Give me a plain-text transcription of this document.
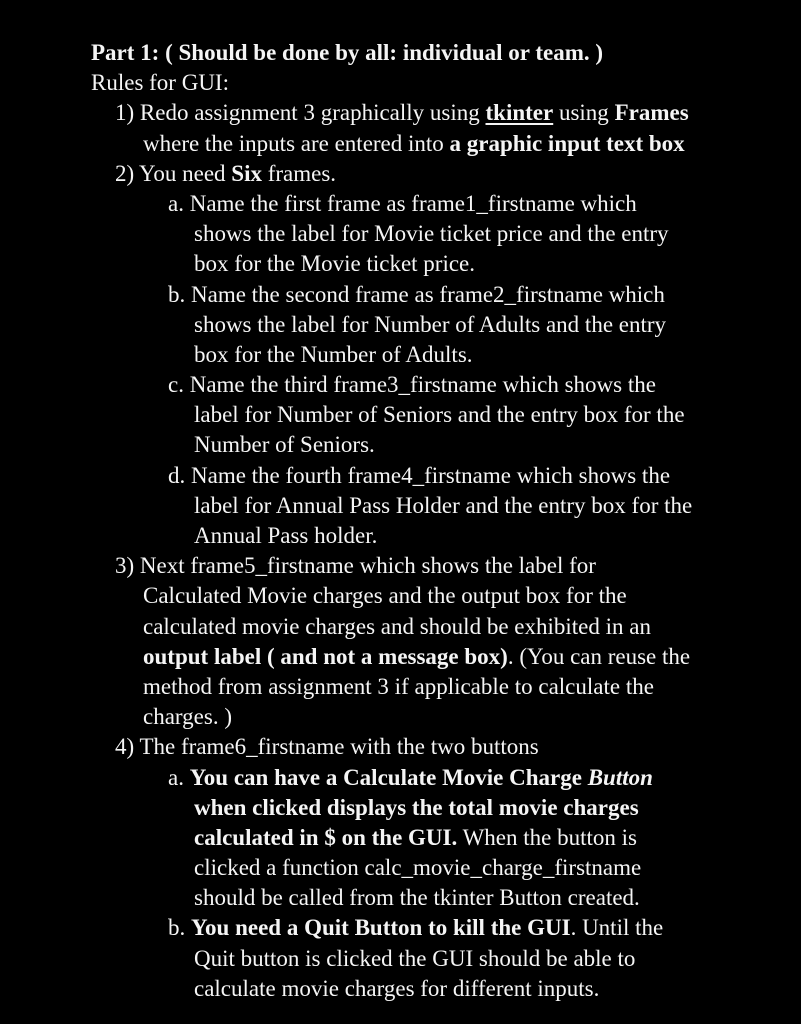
Part 1: ( Should be done by all: individual or team. )
Rules for GUI:
1) Redo assignment 3 graphically using tkinter using Frames
where the inputs are entered into a graphic input text box
2) You need Six frames.
a. Name the first frame as frame1_firstname which
shows the label for Movie ticket price and the entry
box for the Movie ticket price.
b. Name the second frame as frame2_firstname which
shows the label for Number of Adults and the entry
box for the Number of Adults.
c. Name the third frame3_firstname which shows the
label for Number of Seniors and the entry box for the
Number of Seniors.
d. Name the fourth frame4_firstname which shows the
label for Annual Pass Holder and the entry box for the
Annual Pass holder.
3) Next frame5_firstname which shows the label for
Calculated Movie charges and the output box for the
calculated movie charges and should be exhibited in an
output label ( and not a message box). (You can reuse the
method from assignment 3 if applicable to calculate the
charges. )
4) The frame6_firstname with the two buttons
a. You can have a Calculate Movie Charge Button
when clicked displays the total movie charges
calculated in $ on the GUI. When the button is
clicked a function calc_movie_charge_firstname
should be called from the tkinter Button created.
b. You need a Quit Button to kill the GUI. Until the
Quit button is clicked the GUI should be able to
calculate movie charges for different inputs.
